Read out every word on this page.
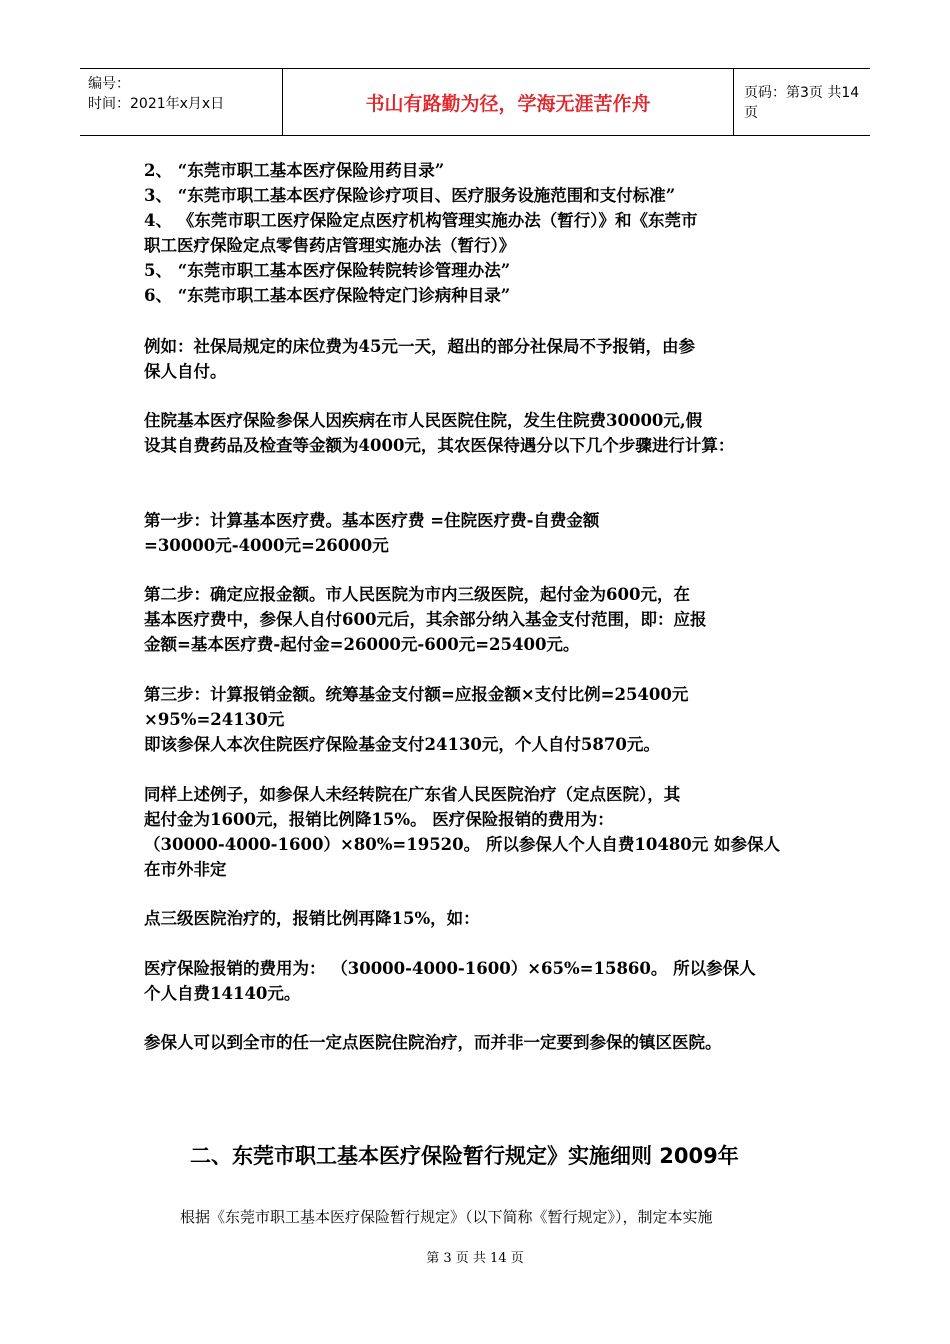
编号：
时间：2021年x月x日	书山有路勤为径，学海无涯苦作舟	页码：第3页 共14页
2、 “东莞市职工基本医疗保险用药目录”
3、 “东莞市职工基本医疗保险诊疗项目、医疗服务设施范围和支付标准”
4、 《东莞市职工医疗保险定点医疗机构管理实施办法（暂行）》和《东莞市
职工医疗保险定点零售药店管理实施办法（暂行）》
5、 “东莞市职工基本医疗保险转院转诊管理办法”
6、 “东莞市职工基本医疗保险特定门诊病种目录”
例如：社保局规定的床位费为45元一天，超出的部分社保局不予报销，由参
保人自付。
住院基本医疗保险参保人因疾病在市人民医院住院，发生住院费30000元,假
设其自费药品及检查等金额为4000元，其农医保待遇分以下几个步骤进行计算：
第一步：计算基本医疗费。基本医疗费 =住院医疗费-自费金额
=30000元-4000元=26000元
第二步：确定应报金额。市人民医院为市内三级医院，起付金为600元，在
基本医疗费中，参保人自付600元后，其余部分纳入基金支付范围，即：应报
金额=基本医疗费-起付金=26000元-600元=25400元。
第三步：计算报销金额。统筹基金支付额=应报金额×支付比例=25400元
×95%=24130元
即该参保人本次住院医疗保险基金支付24130元，个人自付5870元。
同样上述例子，如参保人未经转院在广东省人民医院治疗（定点医院），其
起付金为1600元，报销比例降15%。 医疗保险报销的费用为：
（30000-4000-1600）×80%=19520。 所以参保人个人自费10480元 如参保人
在市外非定
点三级医院治疗的，报销比例再降15%，如：
医疗保险报销的费用为： （30000-4000-1600）×65%=15860。 所以参保人
个人自费14140元。
参保人可以到全市的任一定点医院住院治疗，而并非一定要到参保的镇区医院。
二、东莞市职工基本医疗保险暂行规定》实施细则 2009年
根据《东莞市职工基本医疗保险暂行规定》（以下简称《暂行规定》），制定本实施
第 3 页 共 14 页
